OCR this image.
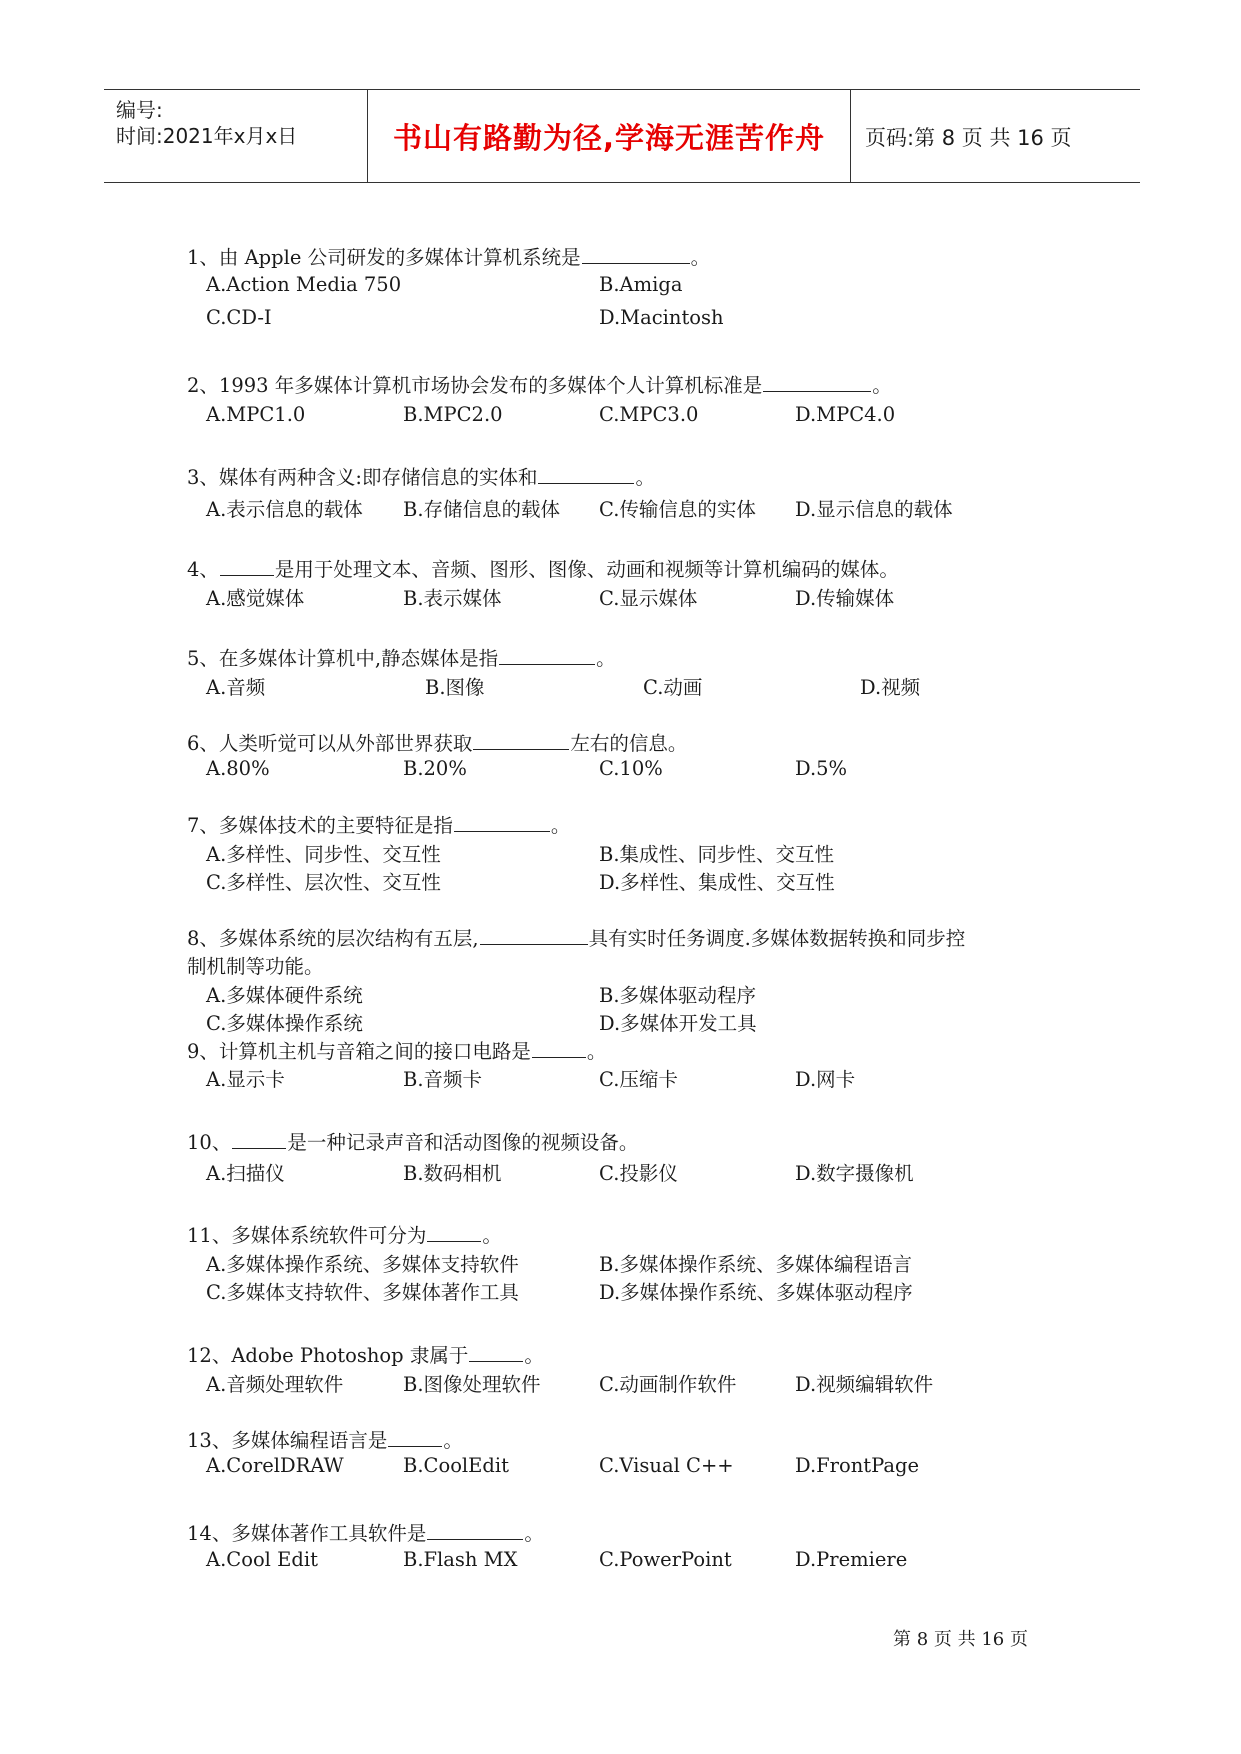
编号:
时间:2021年x月x日	书山有路勤为径,学海无涯苦作舟	页码:第 8 页 共 16 页
1、由 Apple 公司研发的多媒体计算机系统是	。
A.Action Media 750	B.Amiga
C.CD-I	D.Macintosh
2、1993 年多媒体计算机市场协会发布的多媒体个人计算机标准是	。
A.MPC1.0	B.MPC2.0	C.MPC3.0	D.MPC4.0
3、媒体有两种含义:即存储信息的实体和	。
A.表示信息的载体 B.存储信息的载体 C.传输信息的实体 D.显示信息的载体
4、	是用于处理文本、音频、图形、图像、动画和视频等计算机编码的媒体。
A.感觉媒体	B.表示媒体	C.显示媒体	D.传输媒体
5、在多媒体计算机中,静态媒体是指	。
A.音频	B.图像	C.动画	D.视频
6、人类听觉可以从外部世界获取	左右的信息。
A.80%	B.20%	C.10%	D.5%
7、多媒体技术的主要特征是指	。
A.多样性、同步性、交互性	B.集成性、同步性、交互性
C.多样性、层次性、交互性	D.多样性、集成性、交互性
8、多媒体系统的层次结构有五层,	具有实时任务调度.多媒体数据转换和同步控
制机制等功能。
A.多媒体硬件系统	B.多媒体驱动程序
C.多媒体操作系统	D.多媒体开发工具
9、计算机主机与音箱之间的接口电路是	。
A.显示卡	B.音频卡	C.压缩卡	D.网卡
10、	是一种记录声音和活动图像的视频设备。
A.扫描仪	B.数码相机	C.投影仪	D.数字摄像机
11、多媒体系统软件可分为	。
A.多媒体操作系统、多媒体支持软件	B.多媒体操作系统、多媒体编程语言
C.多媒体支持软件、多媒体著作工具	D.多媒体操作系统、多媒体驱动程序
12、Adobe Photoshop 隶属于	。
A.音频处理软件	B.图像处理软件	C.动画制作软件	D.视频编辑软件
13、多媒体编程语言是	。
A.CorelDRAW	B.CoolEdit	C.Visual C++	D.FrontPage
14、多媒体著作工具软件是	。
A.Cool Edit	B.Flash MX	C.PowerPoint	D.Premiere
第 8 页 共 16 页
